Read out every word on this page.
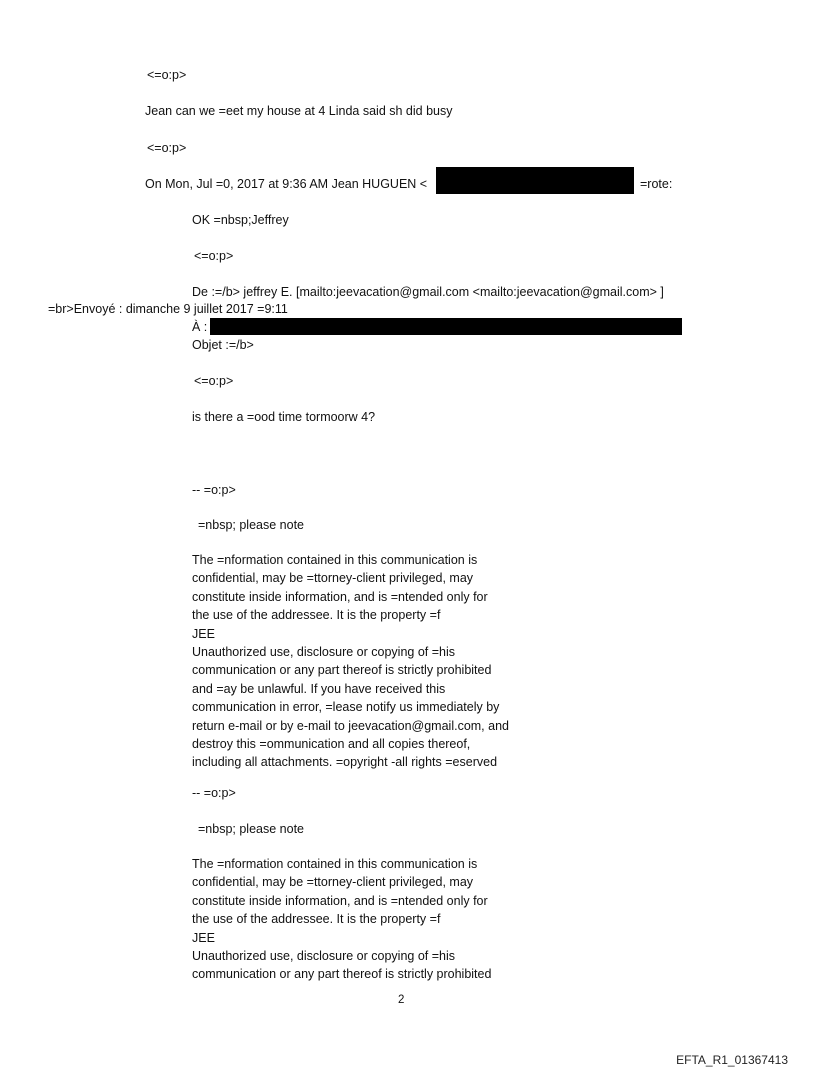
<=o:p>
Jean can we =eet my house at 4 Linda said sh did busy
<=o:p>
On Mon, Jul =0, 2017 at 9:36 AM Jean HUGUEN <	=rote:
OK =nbsp;Jeffrey
<=o:p>
De :=/b> jeffrey E. [mailto:jeevacation@gmail.com <mailto:jeevacation@gmail.com> ]
=br>Envoyé : dimanche 9 juillet 2017 =9:11
À :
Objet :=/b>
<=o:p>
is there a =ood time tormoorw 4?
-- =o:p>
=nbsp; please note
The =nformation contained in this communication is
confidential, may be =ttorney-client privileged, may
constitute inside information, and is =ntended only for
the use of the addressee. It is the property =f
JEE
Unauthorized use, disclosure or copying of =his
communication or any part thereof is strictly prohibited
and =ay be unlawful. If you have received this
communication in error, =lease notify us immediately by
return e-mail or by e-mail to jeevacation@gmail.com, and
destroy this =ommunication and all copies thereof,
including all attachments. =opyright -all rights =eserved
-- =o:p>
=nbsp; please note
The =nformation contained in this communication is
confidential, may be =ttorney-client privileged, may
constitute inside information, and is =ntended only for
the use of the addressee. It is the property =f
JEE
Unauthorized use, disclosure or copying of =his
communication or any part thereof is strictly prohibited
2
EFTA_R1_01367413
